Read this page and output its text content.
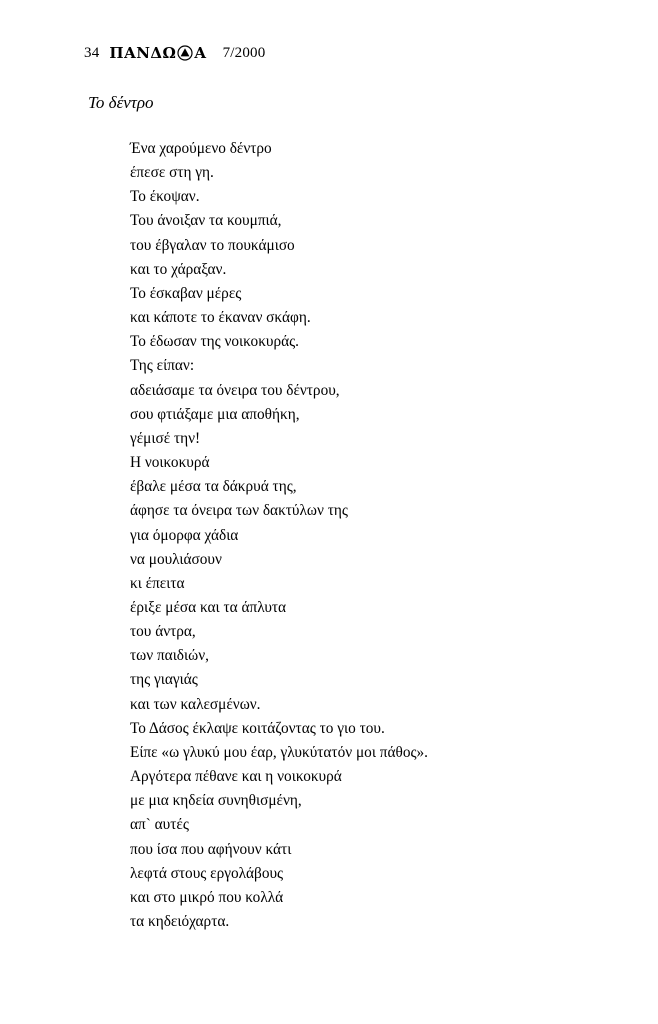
34 ΠΑΝΔΩ Α 7/2000
Το δέντρο
Ένα χαρούμενο δέντρο
έπεσε στη γη.
Το έκοψαν.
Του άνοιξαν τα κουμπιά,
του έβγαλαν το πουκάμισο
και το χάραξαν.
Το έσκαβαν μέρες
και κάποτε το έκαναν σκάφη.
Το έδωσαν της νοικοκυράς.
Της είπαν:
αδειάσαμε τα όνειρα του δέντρου,
σου φτιάξαμε μια αποθήκη,
γέμισέ την!
Η νοικοκυρά
έβαλε μέσα τα δάκρυά της,
άφησε τα όνειρα των δακτύλων της
για όμορφα χάδια
να μουλιάσουν
κι έπειτα
έριξε μέσα και τα άπλυτα
του άντρα,
των παιδιών,
της γιαγιάς
και των καλεσμένων.
Το Δάσος έκλαψε κοιτάζοντας το γιο του.
Είπε «ω γλυκύ μου έαρ, γλυκύτατόν μοι πάθος».
Αργότερα πέθανε και η νοικοκυρά
με μια κηδεία συνηθισμένη,
απ` αυτές
που ίσα που αφήνουν κάτι
λεφτά στους εργολάβους
και στο μικρό που κολλά
τα κηδειόχαρτα.
